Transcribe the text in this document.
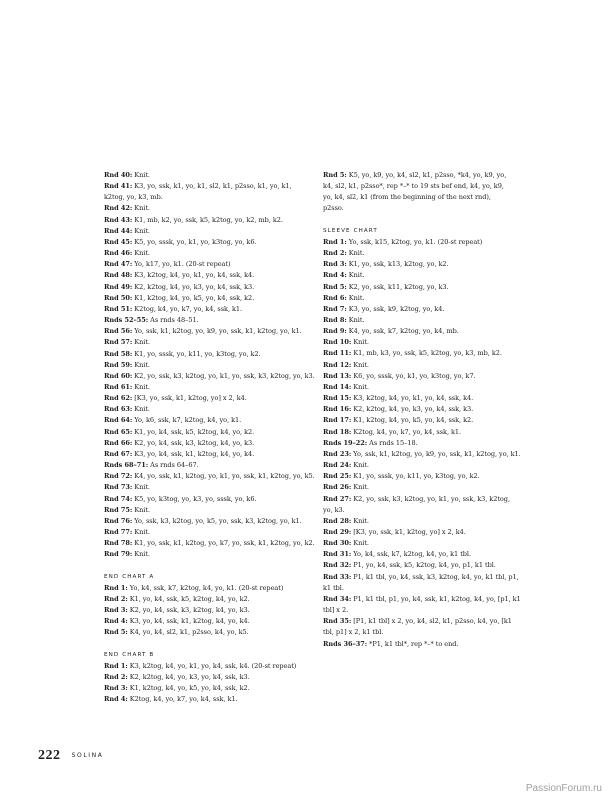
Rnd 40: Knit.
Rnd 41: K3, yo, ssk, k1, yo, k1, sl2, k1, p2sso, k1, yo, k1,
k2tog, yo, k3, mb.
Rnd 42: Knit.
Rnd 43: K1, mb, k2, yo, ssk, k5, k2tog, yo, k2, mb, k2.
Rnd 44: Knit.
Rnd 45: K5, yo, sssk, yo, k1, yo, k3tog, yo, k6.
Rnd 46: Knit.
Rnd 47: Yo, k17, yo, k1. (20-st repeat)
Rnd 48: K3, k2tog, k4, yo, k1, yo, k4, ssk, k4.
Rnd 49: K2, k2tog, k4, yo, k3, yo, k4, ssk, k3.
Rnd 50: K1, k2tog, k4, yo, k5, yo, k4, ssk, k2.
Rnd 51: K2tog, k4, yo, k7, yo, k4, ssk, k1.
Rnds 52–55: As rnds 48–51.
Rnd 56: Yo, ssk, k1, k2tog, yo, k9, yo, ssk, k1, k2tog, yo, k1.
Rnd 57: Knit.
Rnd 58: K1, yo, sssk, yo, k11, yo, k3tog, yo, k2.
Rnd 59: Knit.
Rnd 60: K2, yo, ssk, k3, k2tog, yo, k1, yo, ssk, k3, k2tog, yo, k3.
Rnd 61: Knit.
Rnd 62: [K3, yo, ssk, k1, k2tog, yo] x 2, k4.
Rnd 63: Knit.
Rnd 64: Yo, k6, ssk, k7, k2tog, k4, yo, k1.
Rnd 65: K1, yo, k4, ssk, k5, k2tog, k4, yo, k2.
Rnd 66: K2, yo, k4, ssk, k3, k2tog, k4, yo, k3.
Rnd 67: K3, yo, k4, ssk, k1, k2tog, k4, yo, k4.
Rnds 68–71: As rnds 64–67.
Rnd 72: K4, yo, ssk, k1, k2tog, yo, k1, yo, ssk, k1, k2tog, yo, k5.
Rnd 73: Knit.
Rnd 74: K5, yo, k3tog, yo, k3, yo, sssk, yo, k6.
Rnd 75: Knit.
Rnd 76: Yo, ssk, k3, k2tog, yo, k5, yo, ssk, k3, k2tog, yo, k1.
Rnd 77: Knit.
Rnd 78: K1, yo, ssk, k1, k2tog, yo, k7, yo, ssk, k1, k2tog, yo, k2.
Rnd 79: Knit.
END CHART A
Rnd 1: Yo, k4, ssk, k7, k2tog, k4, yo, k1. (20-st repeat)
Rnd 2: K1, yo, k4, ssk, k5, k2tog, k4, yo, k2.
Rnd 3: K2, yo, k4, ssk, k3, k2tog, k4, yo, k3.
Rnd 4: K3, yo, k4, ssk, k1, k2tog, k4, yo, k4.
Rnd 5: K4, yo, k4, sl2, k1, p2sso, k4, yo, k5.
END CHART B
Rnd 1: K3, k2tog, k4, yo, k1, yo, k4, ssk, k4. (20-st repeat)
Rnd 2: K2, k2tog, k4, yo, k3, yo, k4, ssk, k3.
Rnd 3: K1, k2tog, k4, yo, k5, yo, k4, ssk, k2.
Rnd 4: K2tog, k4, yo, k7, yo, k4, ssk, k1.
Rnd 5: K5, yo, k9, yo, k4, sl2, k1, p2sso, *k4, yo, k9, yo,
k4, sl2, k1, p2sso*, rep *–* to 19 sts bef end, k4, yo, k9,
yo, k4, sl2, k1 (from the beginning of the next rnd),
p2sso.
SLEEVE CHART
Rnd 1: Yo, ssk, k15, k2tog, yo, k1. (20-st repeat)
Rnd 2: Knit.
Rnd 3: K1, yo, ssk, k13, k2tog, yo, k2.
Rnd 4: Knit.
Rnd 5: K2, yo, ssk, k11, k2tog, yo, k3.
Rnd 6: Knit.
Rnd 7: K3, yo, ssk, k9, k2tog, yo, k4.
Rnd 8: Knit.
Rnd 9: K4, yo, ssk, k7, k2tog, yo, k4, mb.
Rnd 10: Knit.
Rnd 11: K1, mb, k3, yo, ssk, k5, k2tog, yo, k3, mb, k2.
Rnd 12: Knit.
Rnd 13: K6, yo, sssk, yo, k1, yo, k3tog, yo, k7.
Rnd 14: Knit.
Rnd 15: K3, k2tog, k4, yo, k1, yo, k4, ssk, k4.
Rnd 16: K2, k2tog, k4, yo, k3, yo, k4, ssk, k3.
Rnd 17: K1, k2tog, k4, yo, k5, yo, k4, ssk, k2.
Rnd 18: K2tog, k4, yo, k7, yo, k4, ssk, k1.
Rnds 19–22: As rnds 15–18.
Rnd 23: Yo, ssk, k1, k2tog, yo, k9, yo, ssk, k1, k2tog, yo, k1.
Rnd 24: Knit.
Rnd 25: K1, yo, sssk, yo, k11, yo, k3tog, yo, k2.
Rnd 26: Knit.
Rnd 27: K2, yo, ssk, k3, k2tog, yo, k1, yo, ssk, k3, k2tog,
yo, k3.
Rnd 28: Knit.
Rnd 29: [K3, yo, ssk, k1, k2tog, yo] x 2, k4.
Rnd 30: Knit.
Rnd 31: Yo, k4, ssk, k7, k2tog, k4, yo, k1 tbl.
Rnd 32: P1, yo, k4, ssk, k5, k2tog, k4, yo, p1, k1 tbl.
Rnd 33: P1, k1 tbl, yo, k4, ssk, k3, k2tog, k4, yo, k1 tbl, p1,
k1 tbl.
Rnd 34: P1, k1 tbl, p1, yo, k4, ssk, k1, k2tog, k4, yo, [p1, k1
tbl] x 2.
Rnd 35: [P1, k1 tbl] x 2, yo, k4, sl2, k1, p2sso, k4, yo, [k1
tbl, p1] x 2, k1 tbl.
Rnds 36–37: *P1, k1 tbl*, rep *–* to end.
222 SOLINA
PassionForum.ru
